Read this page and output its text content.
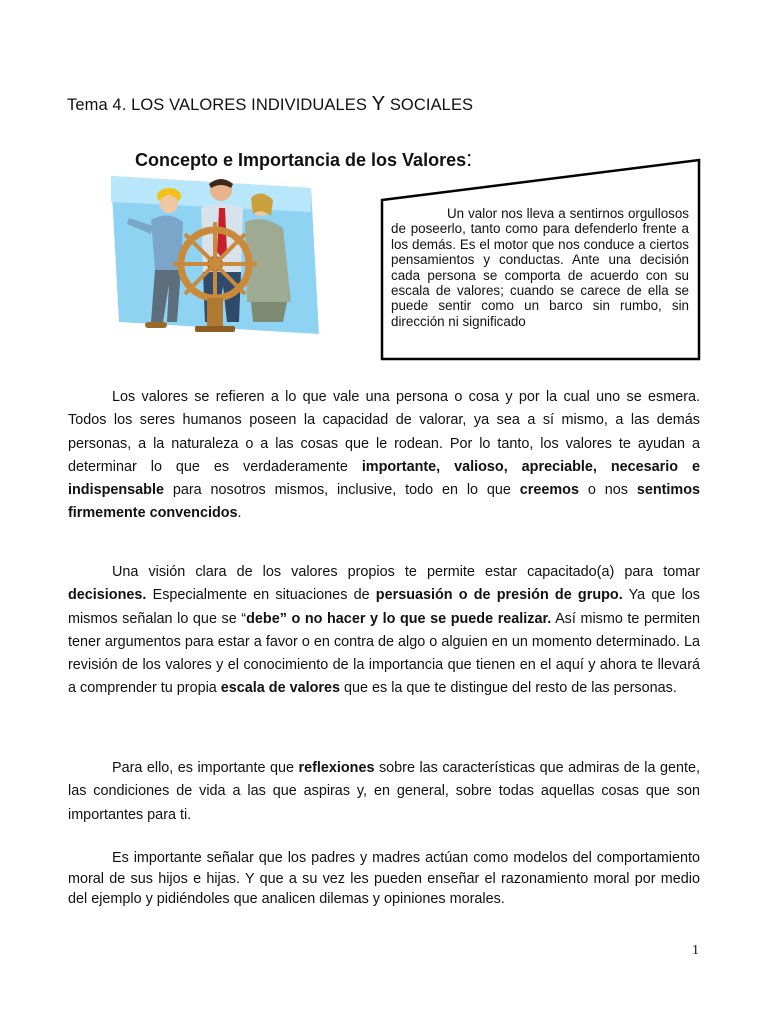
Tema 4. LOS VALORES INDIVIDUALES Y SOCIALES
Concepto e Importancia de los Valores:
Un valor nos lleva a sentirnos orgullosos de poseerlo, tanto como para defenderlo frente a los demás. Es el motor que nos conduce a ciertos pensamientos y conductas. Ante una decisión cada persona se comporta de acuerdo con su escala de valores; cuando se carece de ella se puede sentir como un barco sin rumbo, sin dirección ni significado
Los valores se refieren a lo que vale una persona o cosa y por la cual uno se esmera. Todos los seres humanos poseen la capacidad de valorar, ya sea a sí mismo, a las demás personas, a la naturaleza o a las cosas que le rodean. Por lo tanto, los valores te ayudan a determinar lo que es verdaderamente importante, valioso, apreciable, necesario e indispensable para nosotros mismos, inclusive, todo en lo que creemos o nos sentimos firmemente convencidos.
Una visión clara de los valores propios te permite estar capacitado(a) para tomar decisiones. Especialmente en situaciones de persuasión o de presión de grupo. Ya que los mismos señalan lo que se “debe” o no hacer y lo que se puede realizar. Así mismo te permiten tener argumentos para estar a favor o en contra de algo o alguien en un momento determinado. La revisión de los valores y el conocimiento de la importancia que tienen en el aquí y ahora te llevará a comprender tu propia escala de valores que es la que te distingue del resto de las personas.
Para ello, es importante que reflexiones sobre las características que admiras de la gente, las condiciones de vida a las que aspiras y, en general, sobre todas aquellas cosas que son importantes para ti.
Es importante señalar que los padres y madres actúan como modelos del comportamiento moral de sus hijos e hijas. Y que a su vez les pueden enseñar el razonamiento moral por medio del ejemplo y pidiéndoles que analicen dilemas y opiniones morales.
1
